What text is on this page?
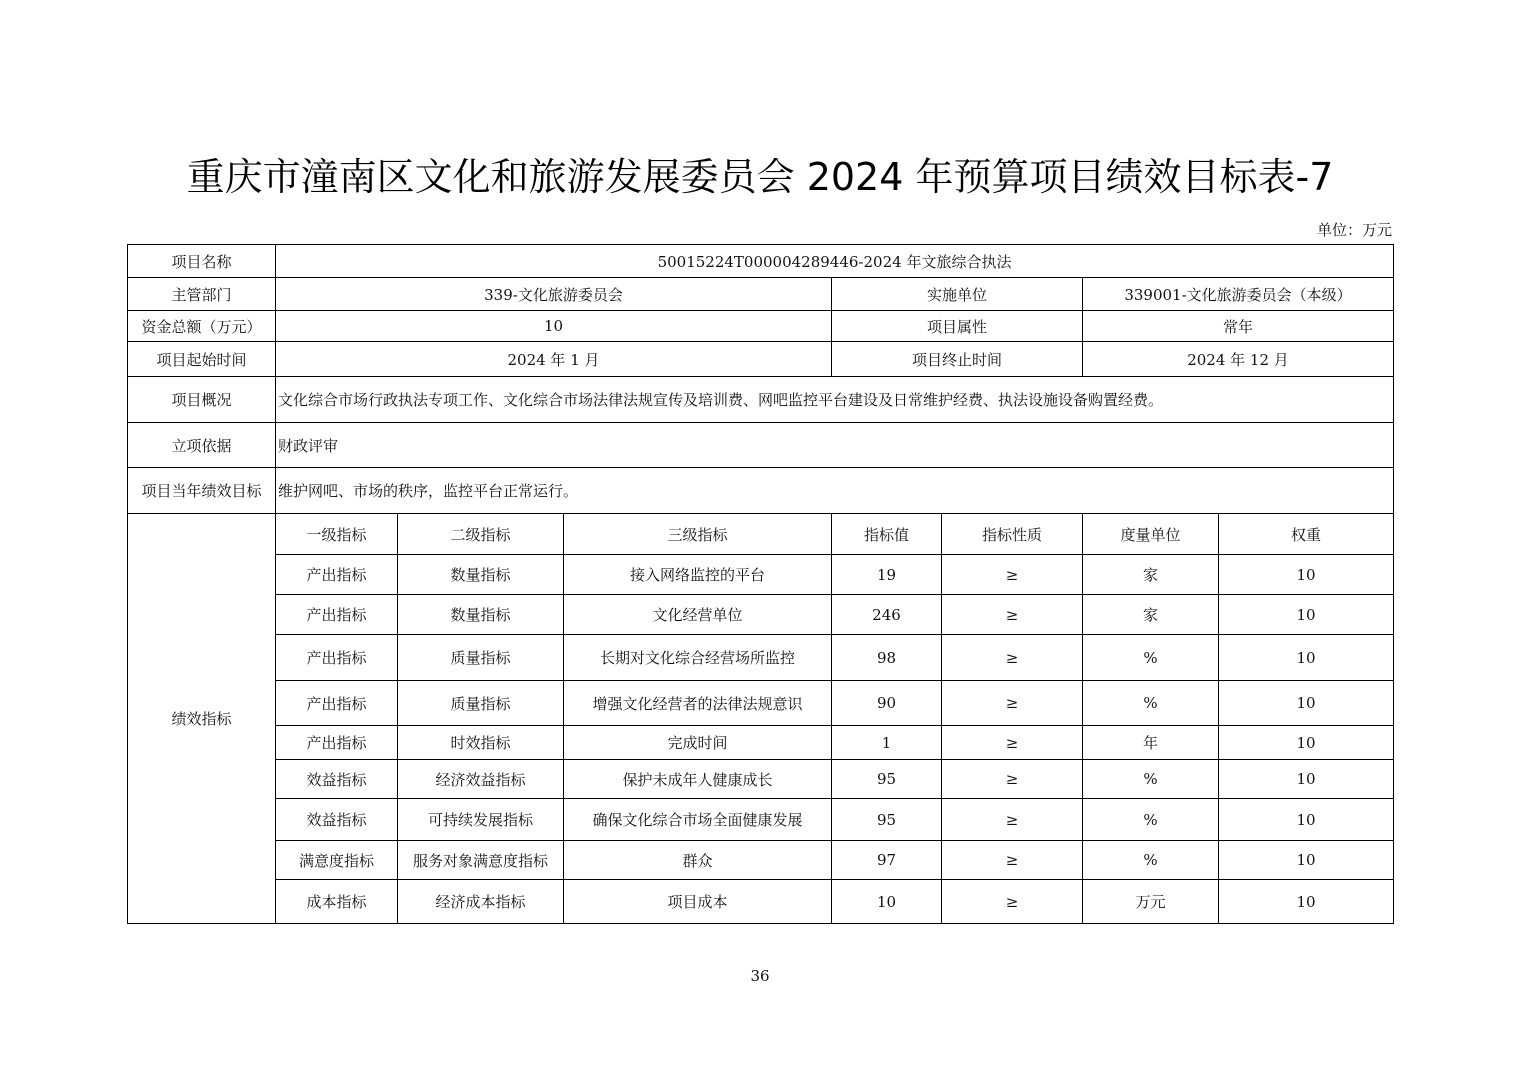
重庆市潼南区文化和旅游发展委员会 2024 年预算项目绩效目标表-7
单位：万元
项目名称	50015224T000004289446-2024 年文旅综合执法						
主管部门	339-文化旅游委员会			实施单位		339001-文化旅游委员会（本级）	
资金总额（万元）	10			项目属性		常年	
项目起始时间	2024 年 1 月			项目终止时间		2024 年 12 月	
项目概况	文化综合市场行政执法专项工作、文化综合市场法律法规宣传及培训费、网吧监控平台建设及日常维护经费、执法设施设备购置经费。						
立项依据	财政评审						
项目当年绩效目标	维护网吧、市场的秩序，监控平台正常运行。						
绩效指标	一级指标	二级指标	三级指标	指标值	指标性质	度量单位	权重
	产出指标	数量指标	接入网络监控的平台	19	≥	家	10
	产出指标	数量指标	文化经营单位	246	≥	家	10
	产出指标	质量指标	长期对文化综合经营场所监控	98	≥	%	10
	产出指标	质量指标	增强文化经营者的法律法规意识	90	≥	%	10
	产出指标	时效指标	完成时间	1	≥	年	10
	效益指标	经济效益指标	保护未成年人健康成长	95	≥	%	10
	效益指标	可持续发展指标	确保文化综合市场全面健康发展	95	≥	%	10
	满意度指标	服务对象满意度指标	群众	97	≥	%	10
	成本指标	经济成本指标	项目成本	10	≥	万元	10
36
